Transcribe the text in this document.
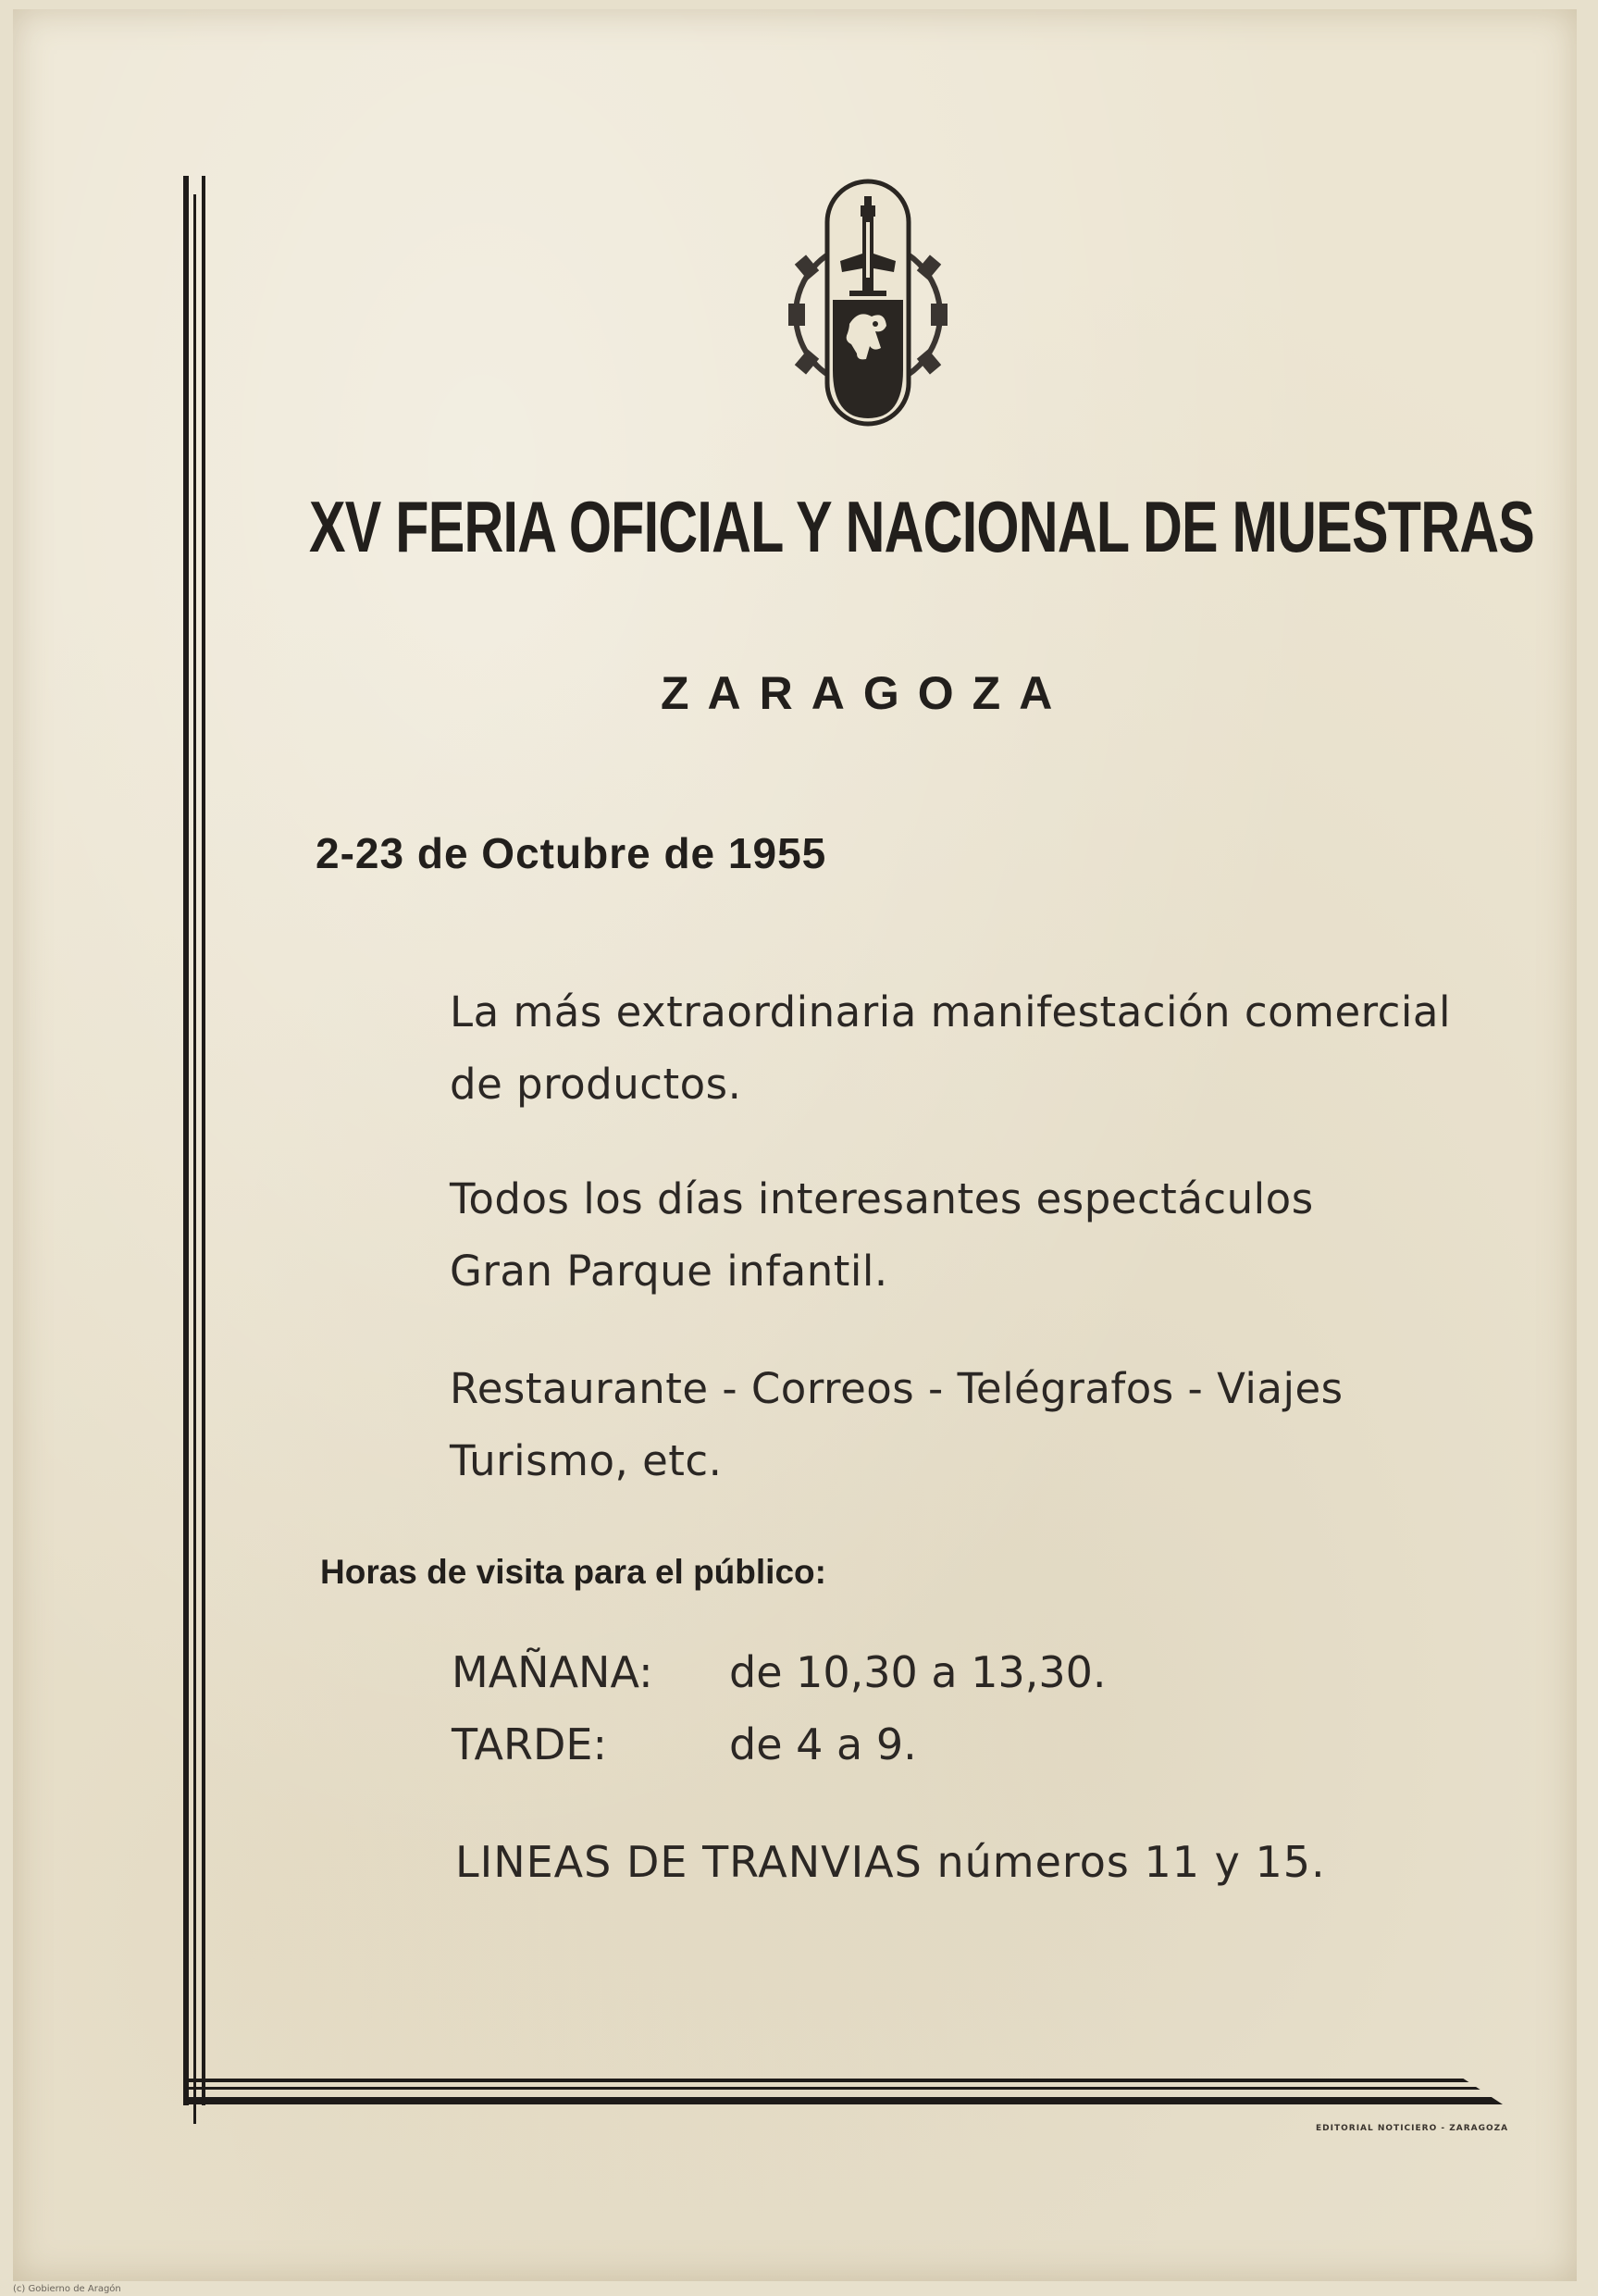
XV FERIA OFICIAL Y NACIONAL DE MUESTRAS
ZARAGOZA
2-23 de Octubre de 1955
La más extraordinaria manifestación comercial
de productos.
Todos los días interesantes espectáculos
Gran Parque infantil.
Restaurante - Correos - Telégrafos - Viajes
Turismo, etc.
Horas de visita para el público:
MAÑANA:	de 10,30 a 13,30.
TARDE:	de 4 a 9.
LINEAS DE TRANVIAS números 11 y 15.
EDITORIAL NOTICIERO - ZARAGOZA
(c) Gobierno de Aragón
